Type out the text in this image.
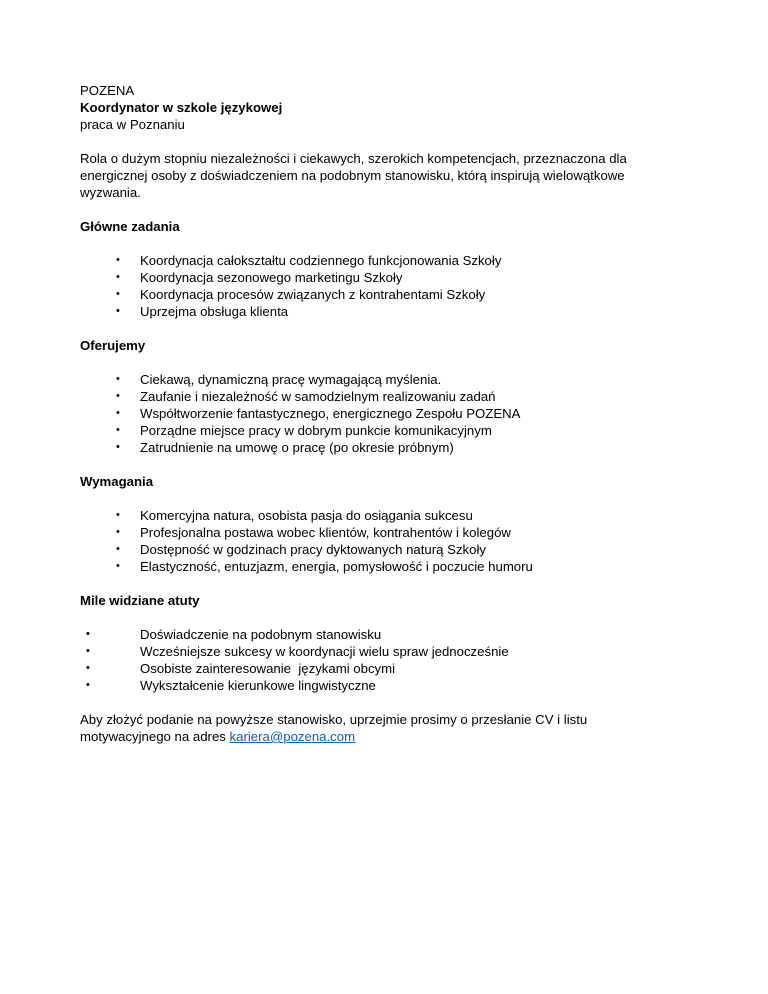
POZENA
Koordynator w szkole językowej
praca w Poznaniu
Rola o dużym stopniu niezależności i ciekawych, szerokich kompetencjach, przeznaczona dla energicznej osoby z doświadczeniem na podobnym stanowisku, którą inspirują wielowątkowe wyzwania.
Główne zadania
• Koordynacja całokształtu codziennego funkcjonowania Szkoły
• Koordynacja sezonowego marketingu Szkoły
• Koordynacja procesów związanych z kontrahentami Szkoły
• Uprzejma obsługa klienta
Oferujemy
• Ciekawą, dynamiczną pracę wymagającą myślenia.
• Zaufanie i niezależność w samodzielnym realizowaniu zadań
• Współtworzenie fantastycznego, energicznego Zespołu POZENA
• Porządne miejsce pracy w dobrym punkcie komunikacyjnym
• Zatrudnienie na umowę o pracę (po okresie próbnym)
Wymagania
• Komercyjna natura, osobista pasja do osiągania sukcesu
• Profesjonalna postawa wobec klientów, kontrahentów i kolegów
• Dostępność w godzinach pracy dyktowanych naturą Szkoły
• Elastyczność, entuzjazm, energia, pomysłowość i poczucie humoru
Mile widziane atuty
•	Doświadczenie na podobnym stanowisku
•	Wcześniejsze sukcesy w koordynacji wielu spraw jednocześnie
•	Osobiste zainteresowanie  językami obcymi
•	Wykształcenie kierunkowe lingwistyczne
Aby złożyć podanie na powyższe stanowisko, uprzejmie prosimy o przesłanie CV i listu motywacyjnego na adres kariera@pozena.com
